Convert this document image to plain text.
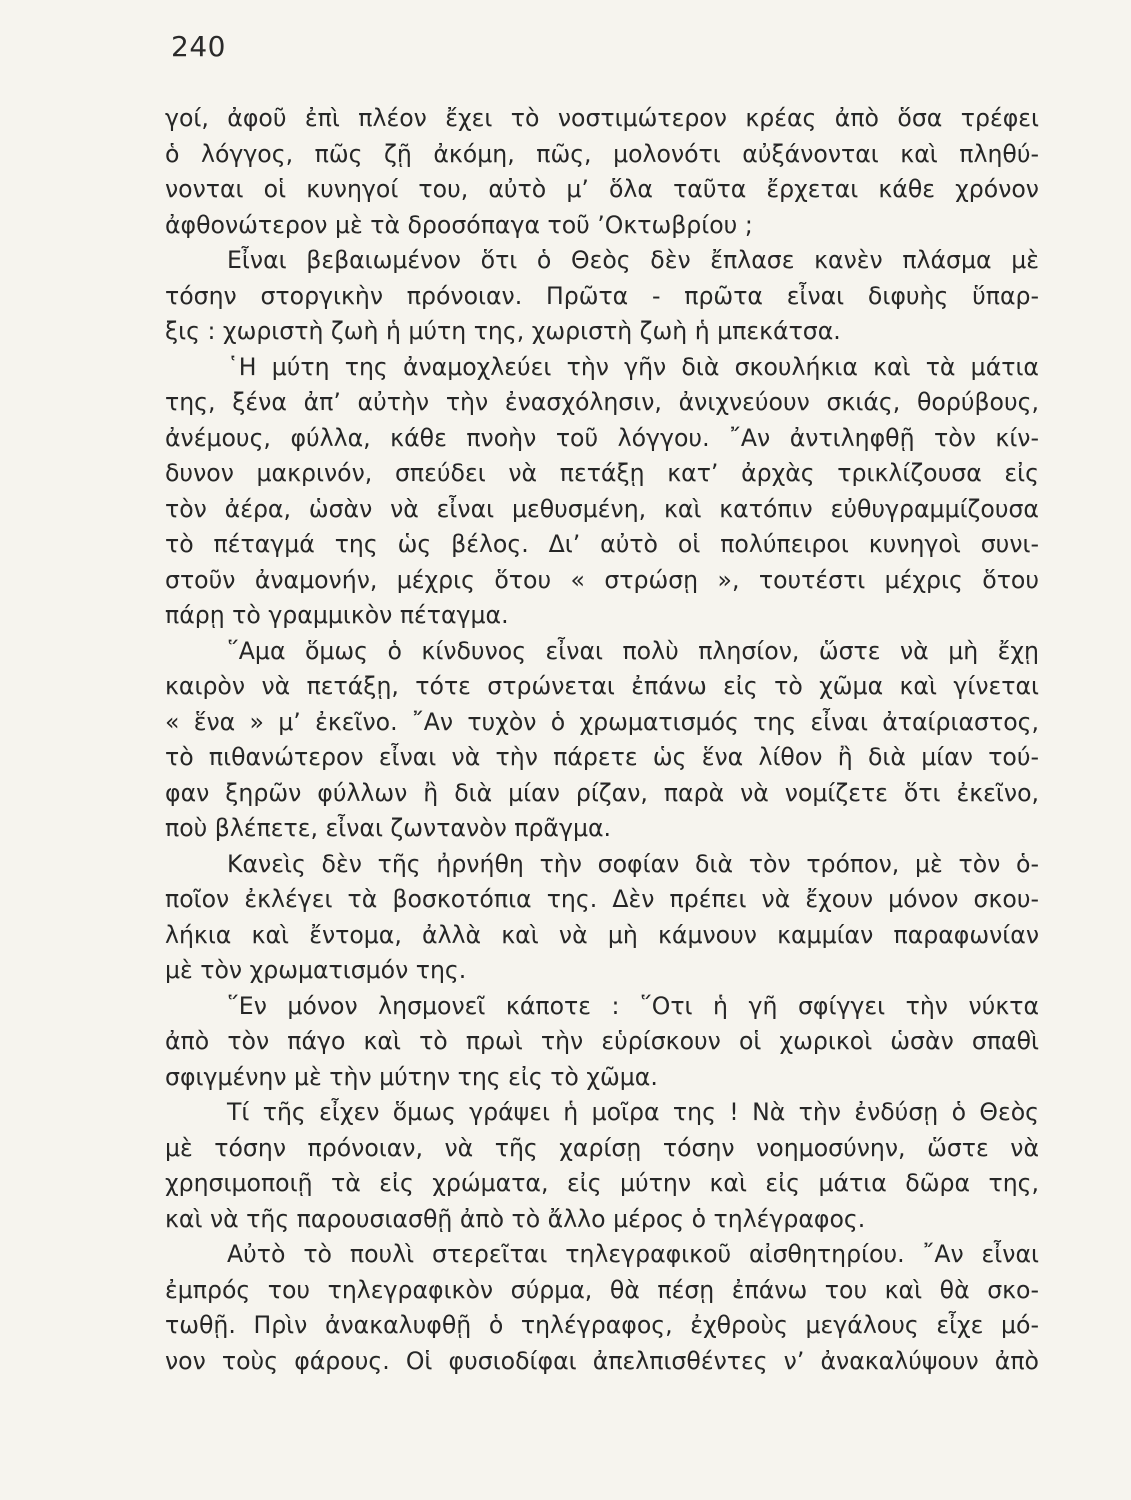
240
γοί, ἀφοῦ ἐπὶ πλέον ἔχει τὸ νοστιμώτερον κρέας ἀπὸ ὅσα τρέφει
ὁ λόγγος, πῶς ζῇ ἀκόμη, πῶς, μολονότι αὐξάνονται καὶ πληθύ-
νονται οἱ κυνηγοί του, αὐτὸ μ’ ὅλα ταῦτα ἔρχεται κάθε χρόνον
ἀφθονώτερον μὲ τὰ δροσόπαγα τοῦ ’Οκτωβρίου ;
Εἶναι βεβαιωμένον ὅτι ὁ Θεὸς δὲν ἔπλασε κανὲν πλάσμα μὲ
τόσην στοργικὴν πρόνοιαν. Πρῶτα - πρῶτα εἶναι διφυὴς ὕπαρ-
ξις : χωριστὴ ζωὴ ἡ μύτη της, χωριστὴ ζωὴ ἡ μπεκάτσα.
῾Η μύτη της ἀναμοχλεύει τὴν γῆν διὰ σκουλήκια καὶ τὰ μάτια
της, ξένα ἀπ’ αὐτὴν τὴν ἐνασχόλησιν, ἀνιχνεύουν σκιάς, θορύβους,
ἀνέμους, φύλλα, κάθε πνοὴν τοῦ λόγγου. ῎Αν ἀντιληφθῇ τὸν κίν-
δυνον μακρινόν, σπεύδει νὰ πετάξῃ κατ’ ἀρχὰς τρικλίζουσα εἰς
τὸν ἀέρα, ὡσὰν νὰ εἶναι μεθυσμένη, καὶ κατόπιν εὐθυγραμμίζουσα
τὸ πέταγμά της ὡς βέλος. Δι’ αὐτὸ οἱ πολύπειροι κυνηγοὶ συνι-
στοῦν ἀναμονήν, μέχρις ὅτου « στρώσῃ », τουτέστι μέχρις ὅτου
πάρῃ τὸ γραμμικὸν πέταγμα.
῞Αμα ὅμως ὁ κίνδυνος εἶναι πολὺ πλησίον, ὥστε νὰ μὴ ἔχῃ
καιρὸν νὰ πετάξῃ, τότε στρώνεται ἐπάνω εἰς τὸ χῶμα καὶ γίνεται
« ἕνα » μ’ ἐκεῖνο. ῎Αν τυχὸν ὁ χρωματισμός της εἶναι ἀταίριαστος,
τὸ πιθανώτερον εἶναι νὰ τὴν πάρετε ὡς ἕνα λίθον ἢ διὰ μίαν τού-
φαν ξηρῶν φύλλων ἢ διὰ μίαν ρίζαν, παρὰ νὰ νομίζετε ὅτι ἐκεῖνο,
ποὺ βλέπετε, εἶναι ζωντανὸν πρᾶγμα.
Κανεὶς δὲν τῆς ἠρνήθη τὴν σοφίαν διὰ τὸν τρόπον, μὲ τὸν ὁ-
ποῖον ἐκλέγει τὰ βοσκοτόπια της. Δὲν πρέπει νὰ ἔχουν μόνον σκου-
λήκια καὶ ἔντομα, ἀλλὰ καὶ νὰ μὴ κάμνουν καμμίαν παραφωνίαν
μὲ τὸν χρωματισμόν της.
῞Εν μόνον λησμονεῖ κάποτε : ῞Οτι ἡ γῆ σφίγγει τὴν νύκτα
ἀπὸ τὸν πάγο καὶ τὸ πρωὶ τὴν εὑρίσκουν οἱ χωρικοὶ ὡσὰν σπαθὶ
σφιγμένην μὲ τὴν μύτην της εἰς τὸ χῶμα.
Τί τῆς εἶχεν ὅμως γράψει ἡ μοῖρα της ! Νὰ τὴν ἐνδύσῃ ὁ Θεὸς
μὲ τόσην πρόνοιαν, νὰ τῆς χαρίσῃ τόσην νοημοσύνην, ὥστε νὰ
χρησιμοποιῇ τὰ εἰς χρώματα, εἰς μύτην καὶ εἰς μάτια δῶρα της,
καὶ νὰ τῆς παρουσιασθῇ ἀπὸ τὸ ἄλλο μέρος ὁ τηλέγραφος.
Αὐτὸ τὸ πουλὶ στερεῖται τηλεγραφικοῦ αἰσθητηρίου. ῎Αν εἶναι
ἐμπρός του τηλεγραφικὸν σύρμα, θὰ πέσῃ ἐπάνω του καὶ θὰ σκο-
τωθῇ. Πρὶν ἀνακαλυφθῇ ὁ τηλέγραφος, ἐχθροὺς μεγάλους εἶχε μό-
νον τοὺς φάρους. Οἱ φυσιοδίφαι ἀπελπισθέντες ν’ ἀνακαλύψουν ἀπὸ
